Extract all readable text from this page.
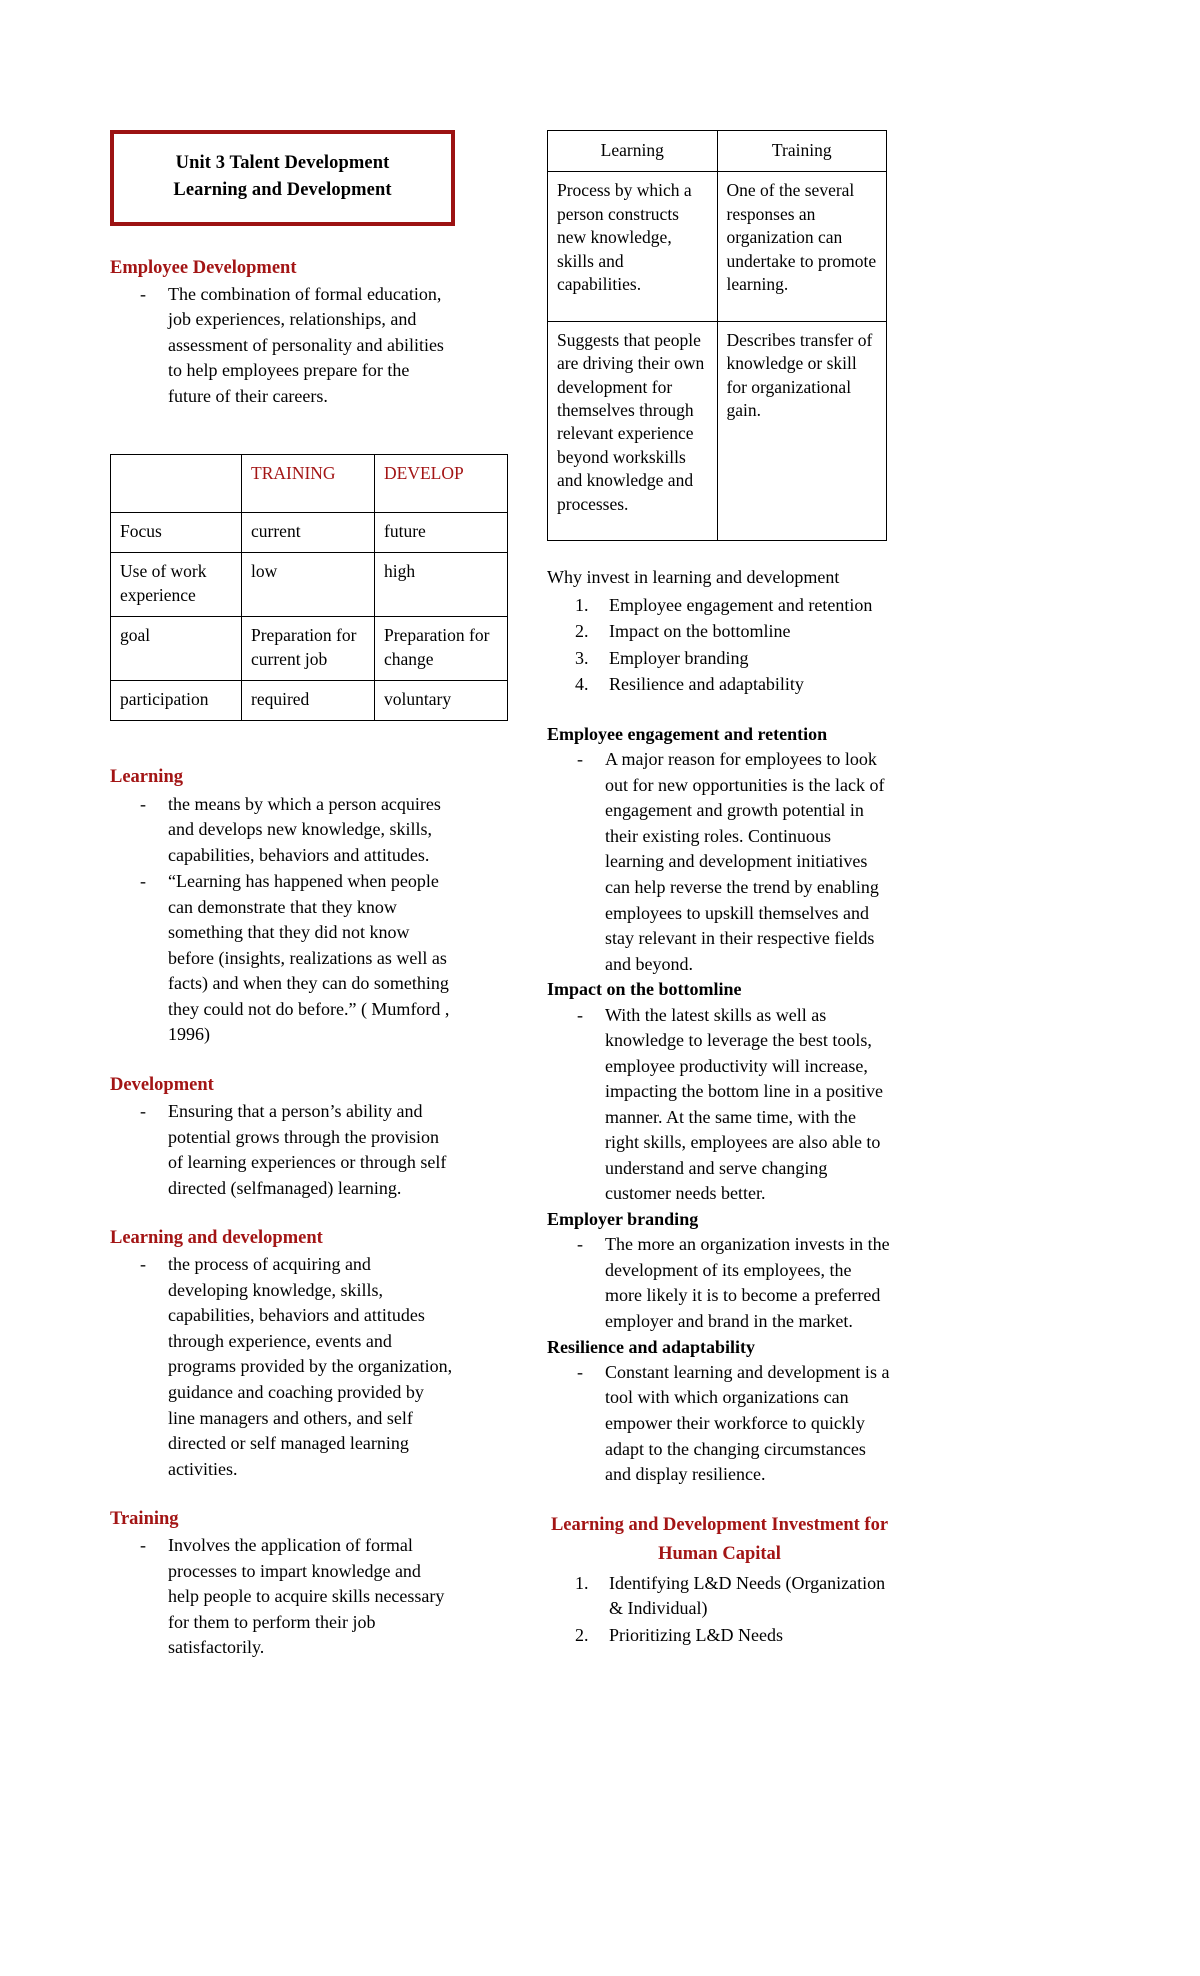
Unit 3 Talent Development
Learning and Development
Employee Development
- The combination of formal education, job experiences, relationships, and assessment of personality and abilities to help employees prepare for the future of their careers.
	TRAINING	DEVELOP
Focus	current	future
Use of work experience	low	high
goal	Preparation for current job	Preparation for change
participation	required	voluntary
Learning
- the means by which a person acquires and develops new knowledge, skills, capabilities, behaviors and attitudes.
- “Learning has happened when people can demonstrate that they know something that they did not know before (insights, realizations as well as facts) and when they can do something they could not do before.” ( Mumford , 1996)
Development
- Ensuring that a person’s ability and potential grows through the provision of learning experiences or through self directed (selfmanaged) learning.
Learning and development
- the process of acquiring and developing knowledge, skills, capabilities, behaviors and attitudes through experience, events and programs provided by the organization, guidance and coaching provided by line managers and others, and self directed or self managed learning activities.
Training
- Involves the application of formal processes to impart knowledge and help people to acquire skills necessary for them to perform their job satisfactorily.
Learning	Training
Process by which a person constructs new knowledge, skills and capabilities.	One of the several responses an organization can undertake to promote learning.
Suggests that people are driving their own development for themselves through relevant experience beyond workskills and knowledge and processes.	Describes transfer of knowledge or skill for organizational gain.

Why invest in learning and development

Employee engagement and retention
Impact on the bottomline
Employer branding
Resilience and adaptability
Employee engagement and retention
- A major reason for employees to look out for new opportunities is the lack of engagement and growth potential in their existing roles. Continuous learning and development initiatives can help reverse the trend by enabling employees to upskill themselves and stay relevant in their respective fields and beyond.
Impact on the bottomline
- With the latest skills as well as knowledge to leverage the best tools, employee productivity will increase, impacting the bottom line in a positive manner. At the same time, with the right skills, employees are also able to understand and serve changing customer needs better.
Employer branding
- The more an organization invests in the development of its employees, the more likely it is to become a preferred employer and brand in the market.
Resilience and adaptability
- Constant learning and development is a tool with which organizations can empower their workforce to quickly adapt to the changing circumstances and display resilience.
Learning and Development Investment for
Human Capital
Identifying L&D Needs (Organization & Individual)
Prioritizing L&D Needs
